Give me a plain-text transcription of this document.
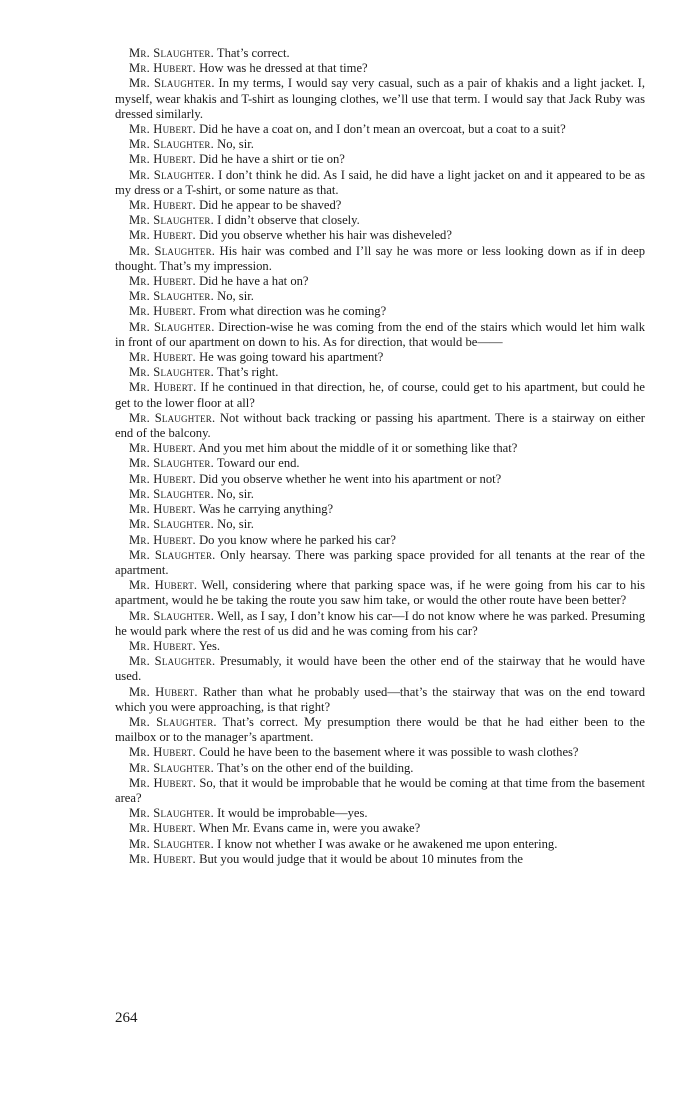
Mr. Slaughter. That’s correct.

Mr. Hubert. How was he dressed at that time?

Mr. Slaughter. In my terms, I would say very casual, such as a pair of khakis and a light jacket. I, myself, wear khakis and T-shirt as lounging clothes, we’ll use that term. I would say that Jack Ruby was dressed similarly.

Mr. Hubert. Did he have a coat on, and I don’t mean an overcoat, but a coat to a suit?

Mr. Slaughter. No, sir.

Mr. Hubert. Did he have a shirt or tie on?

Mr. Slaughter. I don’t think he did. As I said, he did have a light jacket on and it appeared to be as my dress or a T-shirt, or some nature as that.

Mr. Hubert. Did he appear to be shaved?

Mr. Slaughter. I didn’t observe that closely.

Mr. Hubert. Did you observe whether his hair was disheveled?

Mr. Slaughter. His hair was combed and I’ll say he was more or less looking down as if in deep thought. That’s my impression.

Mr. Hubert. Did he have a hat on?

Mr. Slaughter. No, sir.

Mr. Hubert. From what direction was he coming?

Mr. Slaughter. Direction-wise he was coming from the end of the stairs which would let him walk in front of our apartment on down to his. As for direction, that would be——

Mr. Hubert. He was going toward his apartment?

Mr. Slaughter. That’s right.

Mr. Hubert. If he continued in that direction, he, of course, could get to his apartment, but could he get to the lower floor at all?

Mr. Slaughter. Not without back tracking or passing his apartment. There is a stairway on either end of the balcony.

Mr. Hubert. And you met him about the middle of it or something like that?

Mr. Slaughter. Toward our end.

Mr. Hubert. Did you observe whether he went into his apartment or not?

Mr. Slaughter. No, sir.

Mr. Hubert. Was he carrying anything?

Mr. Slaughter. No, sir.

Mr. Hubert. Do you know where he parked his car?

Mr. Slaughter. Only hearsay. There was parking space provided for all tenants at the rear of the apartment.

Mr. Hubert. Well, considering where that parking space was, if he were going from his car to his apartment, would he be taking the route you saw him take, or would the other route have been better?

Mr. Slaughter. Well, as I say, I don’t know his car—I do not know where he was parked. Presuming he would park where the rest of us did and he was coming from his car?

Mr. Hubert. Yes.

Mr. Slaughter. Presumably, it would have been the other end of the stairway that he would have used.

Mr. Hubert. Rather than what he probably used—that’s the stairway that was on the end toward which you were approaching, is that right?

Mr. Slaughter. That’s correct. My presumption there would be that he had either been to the mailbox or to the manager’s apartment.

Mr. Hubert. Could he have been to the basement where it was possible to wash clothes?

Mr. Slaughter. That’s on the other end of the building.

Mr. Hubert. So, that it would be improbable that he would be coming at that time from the basement area?

Mr. Slaughter. It would be improbable—yes.

Mr. Hubert. When Mr. Evans came in, were you awake?

Mr. Slaughter. I know not whether I was awake or he awakened me upon entering.

Mr. Hubert. But you would judge that it would be about 10 minutes from the

264
